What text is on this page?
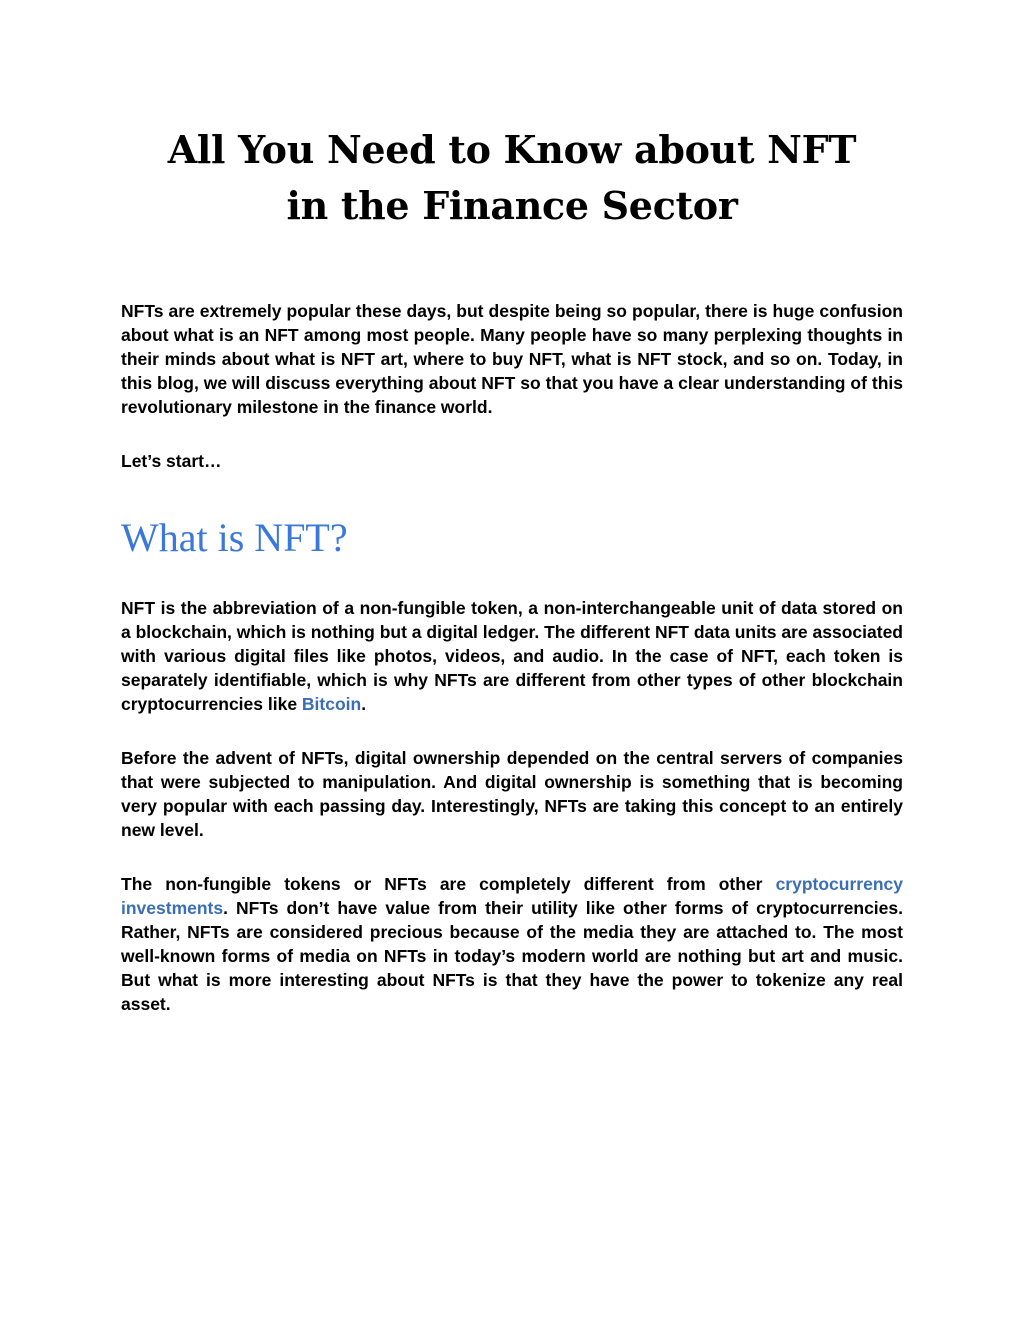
All You Need to Know about NFT
in the Finance Sector

NFTs are extremely popular these days, but despite being so popular, there is huge confusion about what is an NFT among most people. Many people have so many perplexing thoughts in their minds about what is NFT art, where to buy NFT, what is NFT stock, and so on. Today, in this blog, we will discuss everything about NFT so that you have a clear understanding of this revolutionary milestone in the finance world.

Let’s start…

What is NFT?

NFT is the abbreviation of a non-fungible token, a non-interchangeable unit of data stored on a blockchain, which is nothing but a digital ledger. The different NFT data units are associated with various digital files like photos, videos, and audio. In the case of NFT, each token is separately identifiable, which is why NFTs are different from other types of other blockchain cryptocurrencies like Bitcoin.

Before the advent of NFTs, digital ownership depended on the central servers of companies that were subjected to manipulation. And digital ownership is something that is becoming very popular with each passing day. Interestingly, NFTs are taking this concept to an entirely new level.

The non-fungible tokens or NFTs are completely different from other cryptocurrency investments. NFTs don’t have value from their utility like other forms of cryptocurrencies. Rather, NFTs are considered precious because of the media they are attached to. The most well-known forms of media on NFTs in today’s modern world are nothing but art and music. But what is more interesting about NFTs is that they have the power to tokenize any real asset.
